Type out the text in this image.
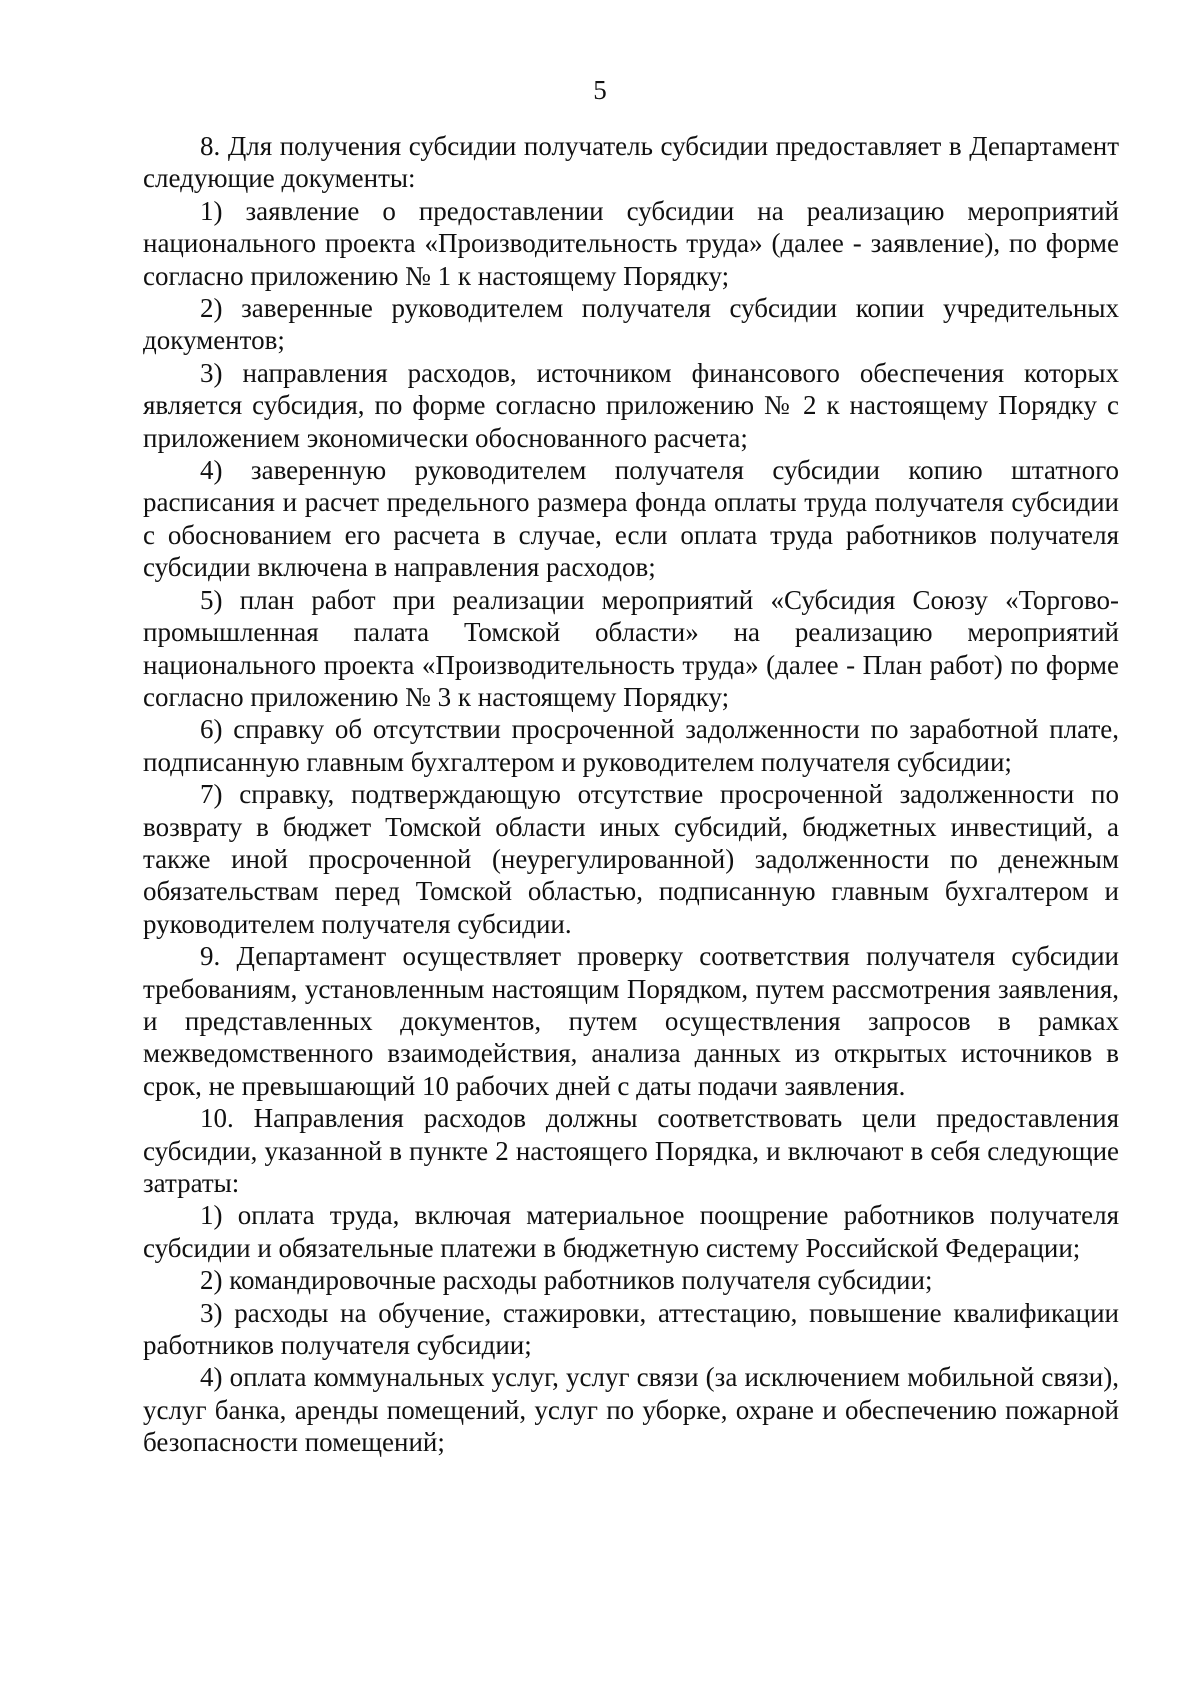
5

8. Для получения субсидии получатель субсидии предоставляет в Департамент следующие документы:

1) заявление о предоставлении субсидии на реализацию мероприятий национального проекта «Производительность труда» (далее - заявление), по форме согласно приложению № 1 к настоящему Порядку;

2) заверенные руководителем получателя субсидии копии учредительных документов;

3) направления расходов, источником финансового обеспечения которых является субсидия, по форме согласно приложению № 2 к настоящему Порядку с приложением экономически обоснованного расчета;

4) заверенную руководителем получателя субсидии копию штатного расписания и расчет предельного размера фонда оплаты труда получателя субсидии с обоснованием его расчета в случае, если оплата труда работников получателя субсидии включена в направления расходов;

5) план работ при реализации мероприятий «Субсидия Союзу «Торгово-промышленная палата Томской области» на реализацию мероприятий национального проекта «Производительность труда» (далее - План работ) по форме согласно приложению № 3 к настоящему Порядку;

6) справку об отсутствии просроченной задолженности по заработной плате, подписанную главным бухгалтером и руководителем получателя субсидии;

7) справку, подтверждающую отсутствие просроченной задолженности по возврату в бюджет Томской области иных субсидий, бюджетных инвестиций, а также иной просроченной (неурегулированной) задолженности по денежным обязательствам перед Томской областью, подписанную главным бухгалтером и руководителем получателя субсидии.

9. Департамент осуществляет проверку соответствия получателя субсидии требованиям, установленным настоящим Порядком, путем рассмотрения заявления, и представленных документов, путем осуществления запросов в рамках межведомственного взаимодействия, анализа данных из открытых источников в срок, не превышающий 10 рабочих дней с даты подачи заявления.

10. Направления расходов должны соответствовать цели предоставления субсидии, указанной в пункте 2 настоящего Порядка, и включают в себя следующие затраты:

1) оплата труда, включая материальное поощрение работников получателя субсидии и обязательные платежи в бюджетную систему Российской Федерации;

2) командировочные расходы работников получателя субсидии;

3) расходы на обучение, стажировки, аттестацию, повышение квалификации работников получателя субсидии;

4) оплата коммунальных услуг, услуг связи (за исключением мобильной связи), услуг банка, аренды помещений, услуг по уборке, охране и обеспечению пожарной безопасности помещений;
